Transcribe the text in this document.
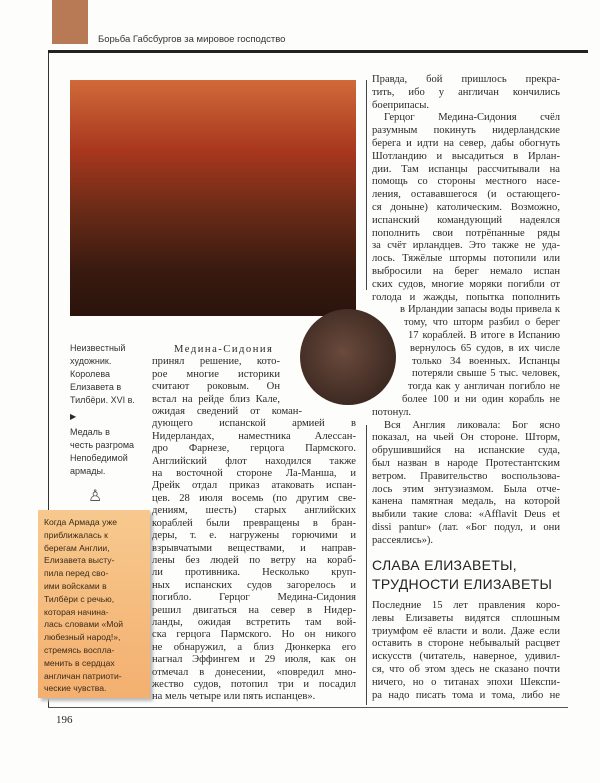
Борьба Габсбургов за мировое господство
Неизвестный
художник.
Королева
Елизавета в
Тилбёри. XVI в.
▶
Медаль в
честь разгрома
Непобедимой
армады.
♙
Когда Армада уже
приближалась к
берегам Англии,
Елизавета высту-
пила перед сво-
ими войсками в
Тилбёри с речью,
которая начина-
лась словами «Мой
любезный народ!»,
стремясь воспла-
менить в сердцах
англичан патриоти-
ческие чувства.
Медина-Сидония
принял решение, кото-
рое многие историки
считают роковым. Он
встал на рейде близ Кале,
ожидая сведений от коман-
дующего испанской армией в
Нидерландах, наместника Алессан-
дро Фарнезе, герцога Пармского.
Английский флот находился также
на восточной стороне Ла-Манша, и
Дрейк отдал приказ атаковать испан-
цев. 28 июля восемь (по другим све-
дениям, шесть) старых английских
кораблей были превращены в бран-
деры, т. е. нагружены горючими и
взрывчатыми веществами, и направ-
лены без людей по ветру на кораб-
ли противника. Несколько круп-
ных испанских судов загорелось и
погибло. Герцог Медина-Сидония
решил двигаться на север в Нидер-
ланды, ожидая встретить там вой-
ска герцога Пармского. Но он никого
не обнаружил, а близ Дюнкерка его
нагнал Эффингем и 29 июля, как он
отмечал в донесении, «повредил мно-
жество судов, потопил три и посадил
на мель четыре или пять испанцев».
Правда, бой пришлось прекра-
тить, ибо у англичан кончились
боеприпасы.
Герцог Медина-Сидония счёл
разумным покинуть нидерландские
берега и идти на север, дабы обогнуть
Шотландию и высадиться в Ирлан-
дии. Там испанцы рассчитывали на
помощь со стороны местного насе-
ления, остававшегося (и остающего-
ся доныне) католическим. Возможно,
испанский командующий надеялся
пополнить свои потрёпанные ряды
за счёт ирландцев. Это также не уда-
лось. Тяжёлые штормы потопили или
выбросили на берег немало испан
ских судов, многие моряки погибли от
голода и жажды, попытка пополнить
в Ирландии запасы воды привела к
тому, что шторм разбил о берег
17 кораблей. В итоге в Испанию
вернулось 65 судов, в их числе
только 34 военных. Испанцы
потеряли свыше 5 тыс. человек,
тогда как у англичан погибло не
более 100 и ни один корабль не
потонул.
Вся Англия ликовала: Бог ясно
показал, на чьей Он стороне. Шторм,
обрушившийся на испанские суда,
был назван в народе Протестантским
ветром. Правительство воспользова-
лось этим энтузиазмом. Была отче-
канена памятная медаль, на которой
выбили такие слова: «Afflavit Deus et
dissi pantur» (лат. «Бог подул, и они
рассеялись»).
СЛАВА ЕЛИЗАВЕТЫ,
ТРУДНОСТИ ЕЛИЗАВЕТЫ
Последние 15 лет правления коро-
левы Елизаветы видятся сплошным
триумфом её власти и воли. Даже если
оставить в стороне небывалый расцвет
искусств (читатель, наверное, удивил-
ся, что об этом здесь не сказано почти
ничего, но о титанах эпохи Шекспи-
ра надо писать тома и тома, либо не
196
